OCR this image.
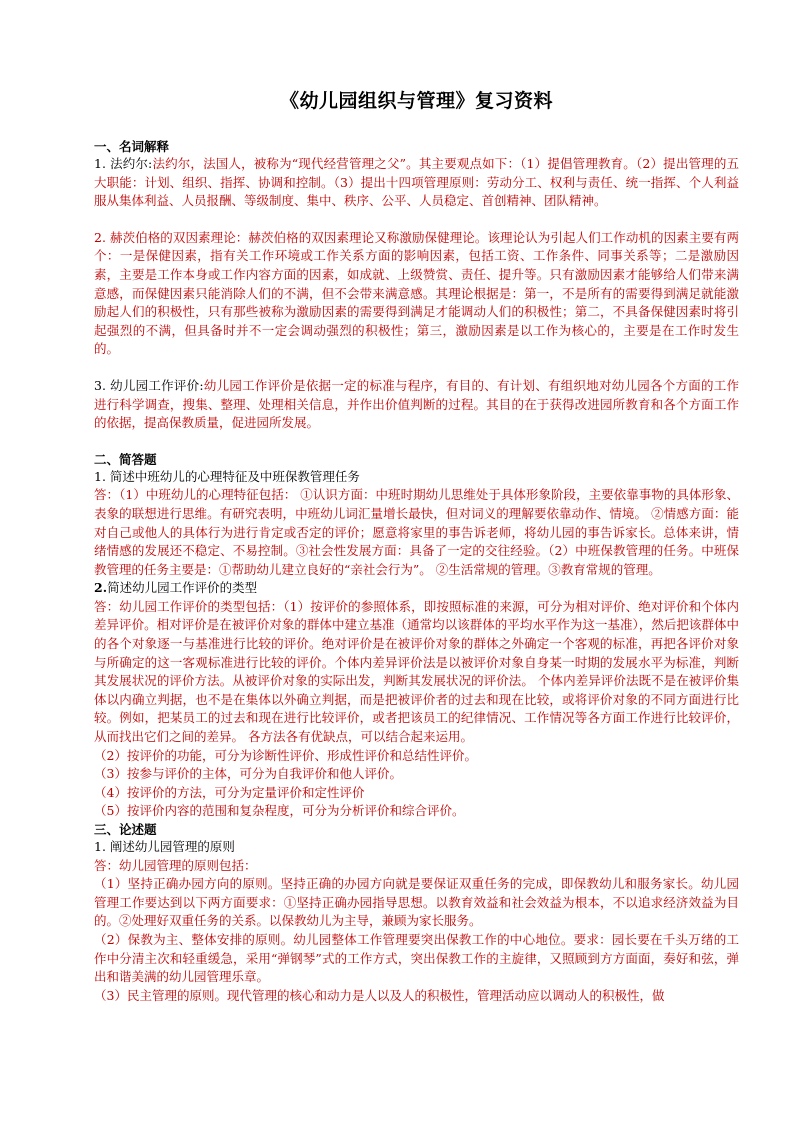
《幼儿园组织与管理》复习资料
一、名词解释

1. 法约尔:法约尔，法国人，被称为“现代经营管理之父”。其主要观点如下：（1）提倡管理教育。（2）提出管理的五大职能：计划、组织、指挥、协调和控制。（3）提出十四项管理原则：劳动分工、权利与责任、统一指挥、个人利益服从集体利益、人员报酬、等级制度、集中、秩序、公平、人员稳定、首创精神、团队精神。

2. 赫茨伯格的双因素理论：赫茨伯格的双因素理论又称激励保健理论。该理论认为引起人们工作动机的因素主要有两个：一是保健因素，指有关工作环境或工作关系方面的影响因素，包括工资、工作条件、同事关系等；二是激励因素，主要是工作本身或工作内容方面的因素，如成就、上级赞赏、责任、提升等。只有激励因素才能够给人们带来满意感，而保健因素只能消除人们的不满，但不会带来满意感。其理论根据是：第一，不是所有的需要得到满足就能激励起人们的积极性，只有那些被称为激励因素的需要得到满足才能调动人们的积极性；第二，不具备保健因素时将引起强烈的不满，但具备时并不一定会调动强烈的积极性；第三，激励因素是以工作为核心的，主要是在工作时发生的。

3. 幼儿园工作评价:幼儿园工作评价是依据一定的标准与程序，有目的、有计划、有组织地对幼儿园各个方面的工作进行科学调查，搜集、整理、处理相关信息，并作出价值判断的过程。其目的在于获得改进园所教育和各个方面工作的依据，提高保教质量，促进园所发展。

二、简答题

1. 简述中班幼儿的心理特征及中班保教管理任务

答：（1）中班幼儿的心理特征包括： ①认识方面：中班时期幼儿思维处于具体形象阶段，主要依靠事物的具体形象、表象的联想进行思维。有研究表明，中班幼儿词汇量增长最快，但对词义的理解要依靠动作、情境。 ②情感方面：能对自己或他人的具体行为进行肯定或否定的评价；愿意将家里的事告诉老师，将幼儿园的事告诉家长。总体来讲，情绪情感的发展还不稳定、不易控制。③社会性发展方面：具备了一定的交往经验。（2）中班保教管理的任务。中班保教管理的任务主要是：①帮助幼儿建立良好的“亲社会行为”。 ②生活常规的管理。③教育常规的管理。

2.简述幼儿园工作评价的类型

答：幼儿园工作评价的类型包括：（1）按评价的参照体系，即按照标准的来源，可分为相对评价、绝对评价和个体内差异评价。相对评价是在被评价对象的群体中建立基准（通常均以该群体的平均水平作为这一基准），然后把该群体中的各个对象逐一与基准进行比较的评价。绝对评价是在被评价对象的群体之外确定一个客观的标准，再把各评价对象与所确定的这一客观标准进行比较的评价。个体内差异评价法是以被评价对象自身某一时期的发展水平为标准，判断其发展状况的评价方法。从被评价对象的实际出发，判断其发展状况的评价法。 个体内差异评价法既不是在被评价集体以内确立判据，也不是在集体以外确立判据，而是把被评价者的过去和现在比较，或将评价对象的不同方面进行比较。例如，把某员工的过去和现在进行比较评价，或者把该员工的纪律情况、工作情况等各方面工作进行比较评价，从而找出它们之间的差异。 各方法各有优缺点，可以结合起来运用。

（2）按评价的功能，可分为诊断性评价、形成性评价和总结性评价。

（3）按参与评价的主体，可分为自我评价和他人评价。

（4）按评价的方法，可分为定量评价和定性评价

（5）按评价内容的范围和复杂程度，可分为分析评价和综合评价。

三、论述题

1. 阐述幼儿园管理的原则

答：幼儿园管理的原则包括：

（1）坚持正确办园方向的原则。坚持正确的办园方向就是要保证双重任务的完成，即保教幼儿和服务家长。幼儿园管理工作要达到以下两方面要求：①坚持正确办园指导思想。以教育效益和社会效益为根本，不以追求经济效益为目的。②处理好双重任务的关系。以保教幼儿为主导，兼顾为家长服务。

（2）保教为主、整体安排的原则。幼儿园整体工作管理要突出保教工作的中心地位。要求：园长要在千头万绪的工作中分清主次和轻重缓急，采用“弹钢琴”式的工作方式，突出保教工作的主旋律，又照顾到方方面面，奏好和弦，弹出和谐美满的幼儿园管理乐章。

（3）民主管理的原则。现代管理的核心和动力是人以及人的积极性，管理活动应以调动人的积极性，做
